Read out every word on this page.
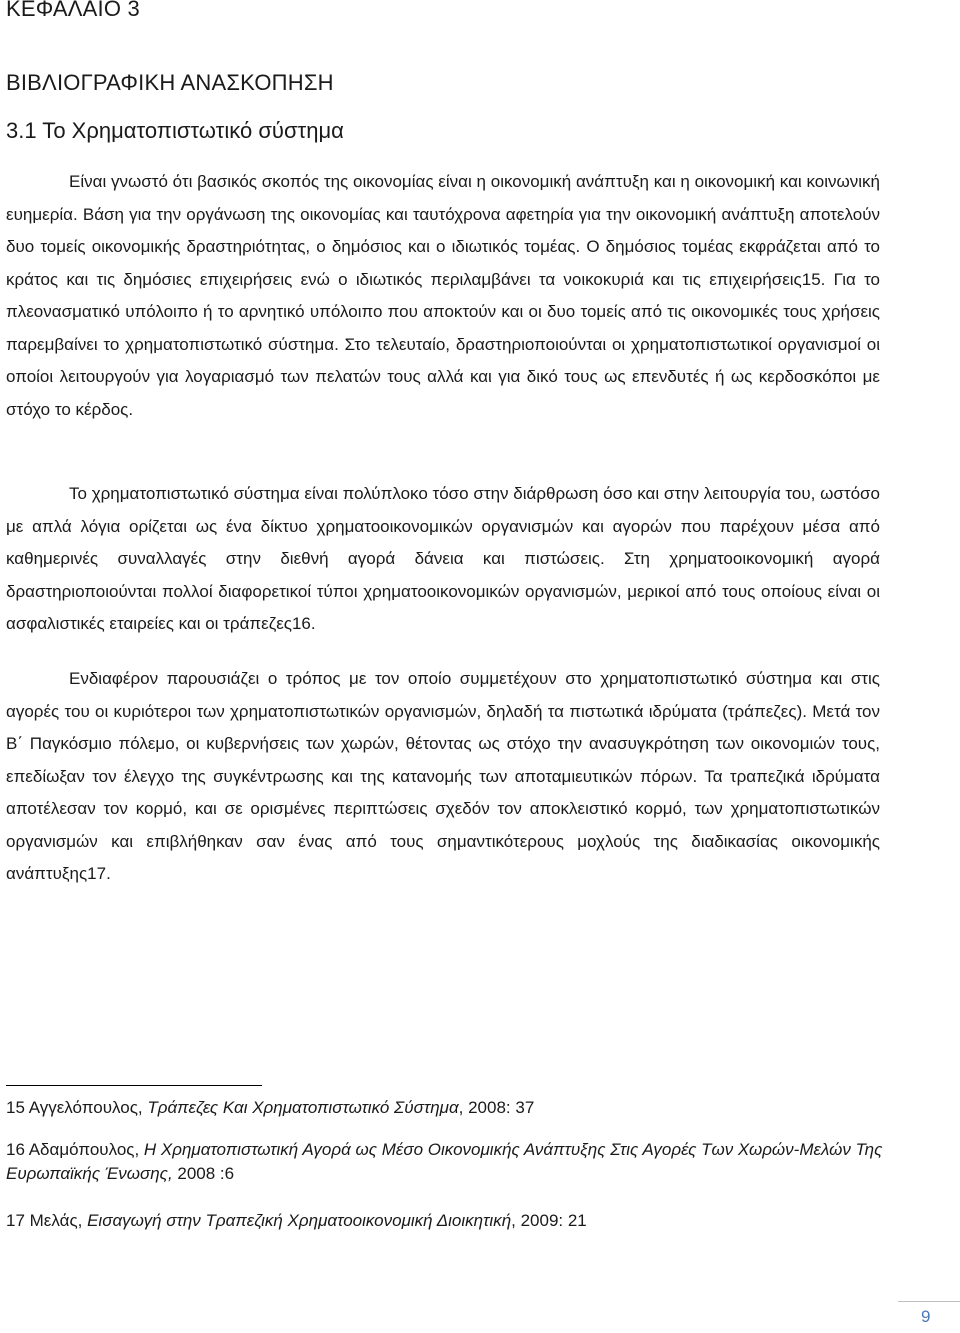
ΚΕΦΑΛΑΙΟ 3
ΒΙΒΛΙΟΓΡΑΦΙΚΗ ΑΝΑΣΚΟΠΗΣΗ
3.1 Το Χρηματοπιστωτικό σύστημα

Είναι γνωστό ότι βασικός σκοπός της οικονομίας είναι η οικονομική ανάπτυξη και η οικονομική και κοινωνική ευημερία. Βάση για την οργάνωση της οικονομίας και ταυτόχρονα αφετηρία για την οικονομική ανάπτυξη αποτελούν δυο τομείς οικονομικής δραστηριότητας, ο δημόσιος και ο ιδιωτικός τομέας. Ο δημόσιος τομέας εκφράζεται από το κράτος και τις δημόσιες επιχειρήσεις ενώ ο ιδιωτικός περιλαμβάνει τα νοικοκυριά και τις επιχειρήσεις15. Για το πλεονασματικό υπόλοιπο ή το αρνητικό υπόλοιπο που αποκτούν και οι δυο τομείς από τις οικονομικές τους χρήσεις παρεμβαίνει το χρηματοπιστωτικό σύστημα. Στο τελευταίο, δραστηριοποιούνται οι χρηματοπιστωτικοί οργανισμοί οι οποίοι λειτουργούν για λογαριασμό των πελατών τους αλλά και για δικό τους ως επενδυτές ή ως κερδοσκόποι με στόχο το κέρδος.

Το χρηματοπιστωτικό σύστημα είναι πολύπλοκο τόσο στην διάρθρωση όσο και στην λειτουργία του, ωστόσο με απλά λόγια ορίζεται ως ένα δίκτυο χρηματοοικονομικών οργανισμών και αγορών που παρέχουν μέσα από καθημερινές συναλλαγές στην διεθνή αγορά δάνεια και πιστώσεις. Στη χρηματοοικονομική αγορά δραστηριοποιούνται πολλοί διαφορετικοί τύποι χρηματοοικονομικών οργανισμών, μερικοί από τους οποίους είναι οι ασφαλιστικές εταιρείες και οι τράπεζες16.

Ενδιαφέρον παρουσιάζει ο τρόπος με τον οποίο συμμετέχουν στο χρηματοπιστωτικό σύστημα και στις αγορές του οι κυριότεροι των χρηματοπιστωτικών οργανισμών, δηλαδή τα πιστωτικά ιδρύματα (τράπεζες). Μετά τον Β΄ Παγκόσμιο πόλεμο, οι κυβερνήσεις των χωρών, θέτοντας ως στόχο την ανασυγκρότηση των οικονομιών τους, επεδίωξαν τον έλεγχο της συγκέντρωσης και της κατανομής των αποταμιευτικών πόρων. Τα τραπεζικά ιδρύματα αποτέλεσαν τον κορμό, και σε ορισμένες περιπτώσεις σχεδόν τον αποκλειστικό κορμό, των χρηματοπιστωτικών οργανισμών και επιβλήθηκαν σαν ένας από τους σημαντικότερους μοχλούς της διαδικασίας οικονομικής ανάπτυξης17.

15 Αγγελόπουλος, Τράπεζες Και Χρηματοπιστωτικό Σύστημα, 2008: 37

16 Αδαμόπουλος, Η Χρηματοπιστωτική Αγορά ως Μέσο Οικονομικής Ανάπτυξης Στις Αγορές Των Χωρών-Μελών Της Ευρωπαϊκής Ένωσης, 2008 :6

17 Μελάς, Εισαγωγή στην Τραπεζική Χρηματοοικονομική Διοικητική, 2009: 21

9
